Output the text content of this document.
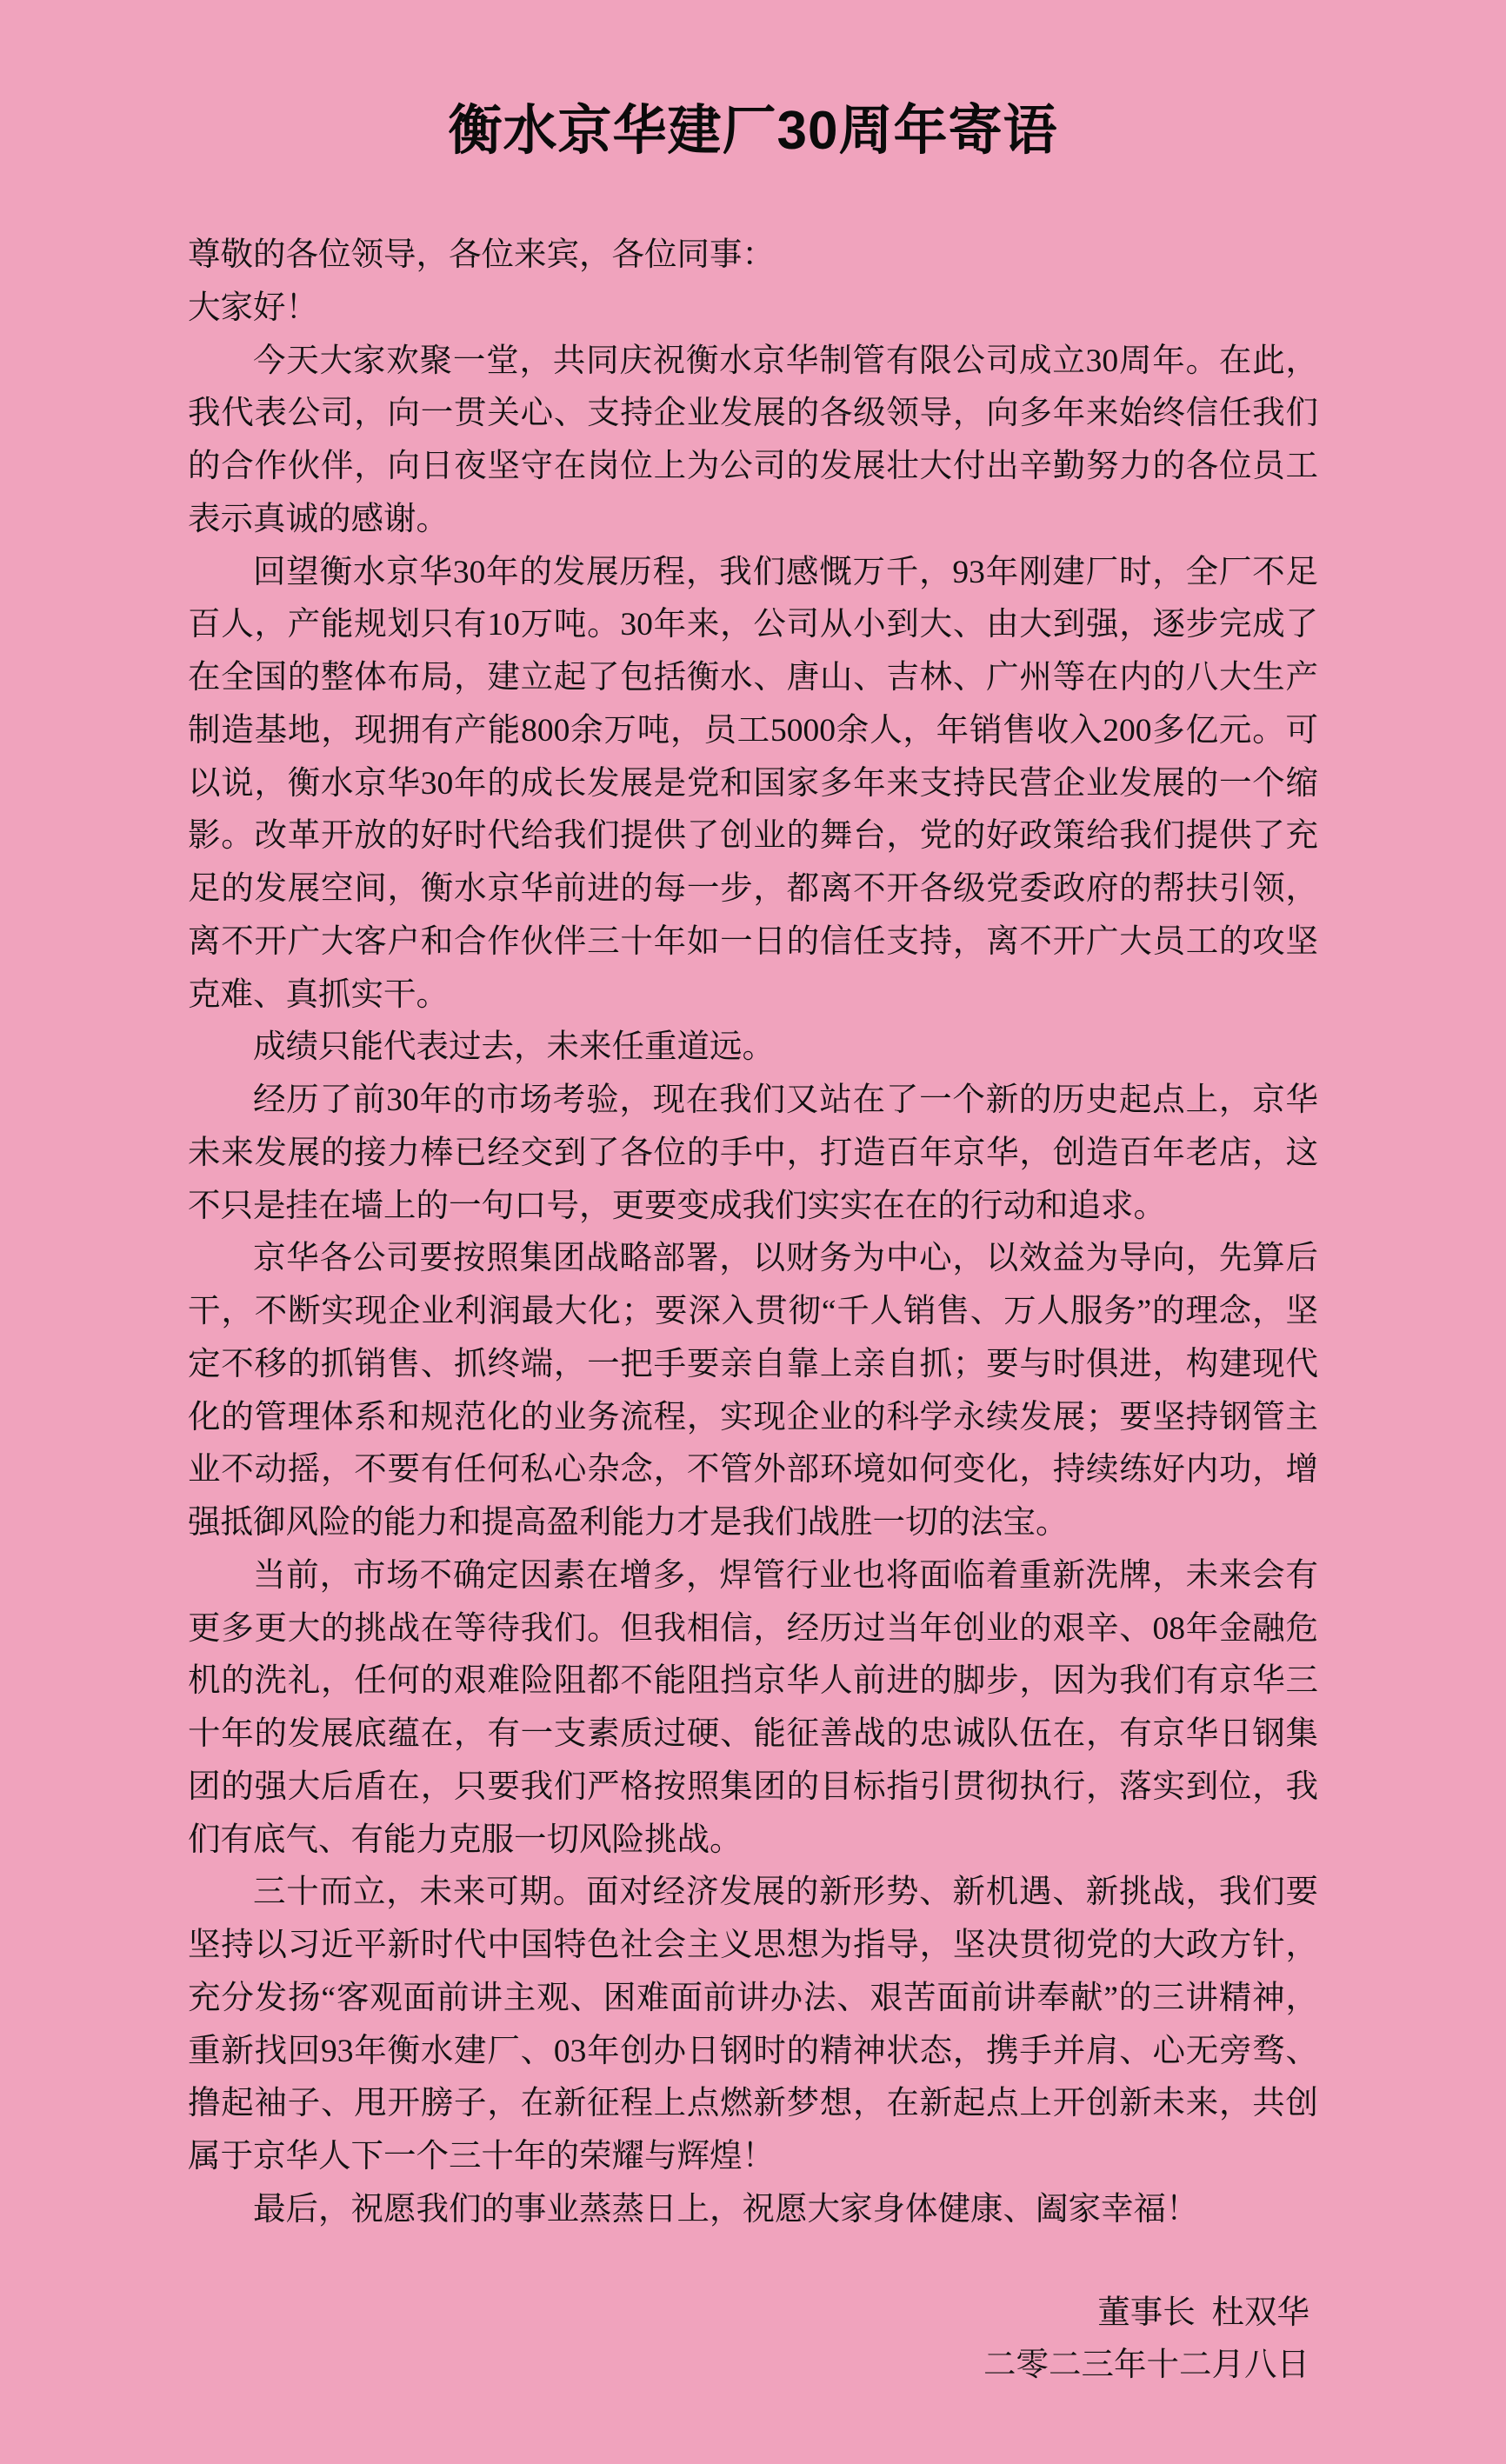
衡水京华建厂30周年寄语

尊敬的各位领导，各位来宾，各位同事：

大家好！

今天大家欢聚一堂，共同庆祝衡水京华制管有限公司成立30周年。在此，我代表公司，向一贯关心、支持企业发展的各级领导，向多年来始终信任我们的合作伙伴，向日夜坚守在岗位上为公司的发展壮大付出辛勤努力的各位员工表示真诚的感谢。

回望衡水京华30年的发展历程，我们感慨万千，93年刚建厂时，全厂不足百人，产能规划只有10万吨。30年来，公司从小到大、由大到强，逐步完成了在全国的整体布局，建立起了包括衡水、唐山、吉林、广州等在内的八大生产制造基地，现拥有产能800余万吨，员工5000余人，年销售收入200多亿元。可以说，衡水京华30年的成长发展是党和国家多年来支持民营企业发展的一个缩影。改革开放的好时代给我们提供了创业的舞台，党的好政策给我们提供了充足的发展空间，衡水京华前进的每一步，都离不开各级党委政府的帮扶引领，离不开广大客户和合作伙伴三十年如一日的信任支持，离不开广大员工的攻坚克难、真抓实干。

成绩只能代表过去，未来任重道远。

经历了前30年的市场考验，现在我们又站在了一个新的历史起点上，京华未来发展的接力棒已经交到了各位的手中，打造百年京华，创造百年老店，这不只是挂在墙上的一句口号，更要变成我们实实在在的行动和追求。

京华各公司要按照集团战略部署，以财务为中心，以效益为导向，先算后干，不断实现企业利润最大化；要深入贯彻“千人销售、万人服务”的理念，坚定不移的抓销售、抓终端，一把手要亲自靠上亲自抓；要与时俱进，构建现代化的管理体系和规范化的业务流程，实现企业的科学永续发展；要坚持钢管主业不动摇，不要有任何私心杂念，不管外部环境如何变化，持续练好内功，增强抵御风险的能力和提高盈利能力才是我们战胜一切的法宝。

当前，市场不确定因素在增多，焊管行业也将面临着重新洗牌，未来会有更多更大的挑战在等待我们。但我相信，经历过当年创业的艰辛、08年金融危机的洗礼，任何的艰难险阻都不能阻挡京华人前进的脚步，因为我们有京华三十年的发展底蕴在，有一支素质过硬、能征善战的忠诚队伍在，有京华日钢集团的强大后盾在，只要我们严格按照集团的目标指引贯彻执行，落实到位，我们有底气、有能力克服一切风险挑战。

三十而立，未来可期。面对经济发展的新形势、新机遇、新挑战，我们要坚持以习近平新时代中国特色社会主义思想为指导，坚决贯彻党的大政方针，充分发扬“客观面前讲主观、困难面前讲办法、艰苦面前讲奉献”的三讲精神，重新找回93年衡水建厂、03年创办日钢时的精神状态，携手并肩、心无旁骛、撸起袖子、甩开膀子，在新征程上点燃新梦想，在新起点上开创新未来，共创属于京华人下一个三十年的荣耀与辉煌！

最后，祝愿我们的事业蒸蒸日上，祝愿大家身体健康、阖家幸福！

董事长  杜双华

二零二三年十二月八日
